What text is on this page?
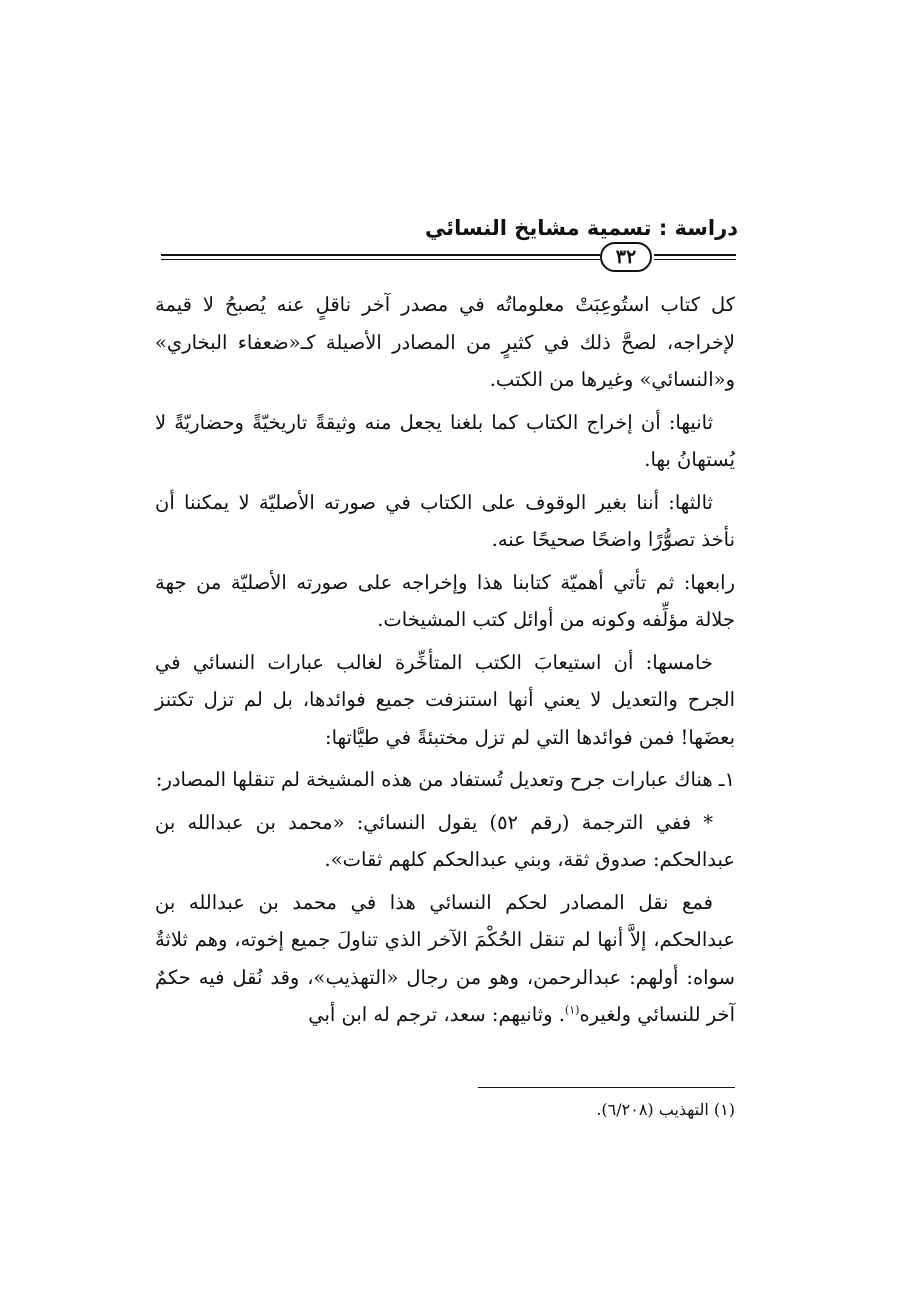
دراسة : تسمية مشايخ النسائي
٣٢

كل كتاب استُوعِبَتْ معلوماتُه في مصدر آخر ناقلٍ عنه يُصبحُ لا قيمة لإخراجه، لصحَّ ذلك في كثيرٍ من المصادر الأصيلة كـ«ضعفاء البخاري» و«النسائي» وغيرها من الكتب.

ثانيها: أن إخراج الكتاب كما بلغنا يجعل منه وثيقةً تاريخيّةً وحضاريّةً لا يُستهانُ بها.

ثالثها: أننا بغير الوقوف على الكتاب في صورته الأصليّة لا يمكننا أن نأخذ تصوُّرًا واضحًا صحيحًا عنه.

رابعها: ثم تأتي أهميّة كتابنا هذا وإخراجه على صورته الأصليّة من جهة جلالة مؤلِّفه وكونه من أوائل كتب المشيخات.

خامسها: أن استيعابَ الكتب المتأخِّرة لغالب عبارات النسائي في الجرح والتعديل لا يعني أنها استنزفت جميع فوائدها، بل لم تزل تكتنز بعضَها! فمن فوائدها التي لم تزل مختبئةً في طيَّاتها:

١ـ هناك عبارات جرح وتعديل تُستفاد من هذه المشيخة لم تنقلها المصادر:

* ففي الترجمة (رقم ٥٢) يقول النسائي: «محمد بن عبدالله بن عبدالحكم: صدوق ثقة، وبني عبدالحكم كلهم ثقات».

فمع نقل المصادر لحكم النسائي هذا في محمد بن عبدالله بن عبدالحكم، إلاَّ أنها لم تنقل الحُكْمَ الآخر الذي تناولَ جميع إخوته، وهم ثلاثةٌ سواه: أولهم: عبدالرحمن، وهو من رجال «التهذيب»، وقد نُقل فيه حكمٌ آخر للنسائي ولغيره$^{(١)}$. وثانيهم: سعد، ترجم له ابن أبي

(١) التهذيب (٦/٢٠٨).
